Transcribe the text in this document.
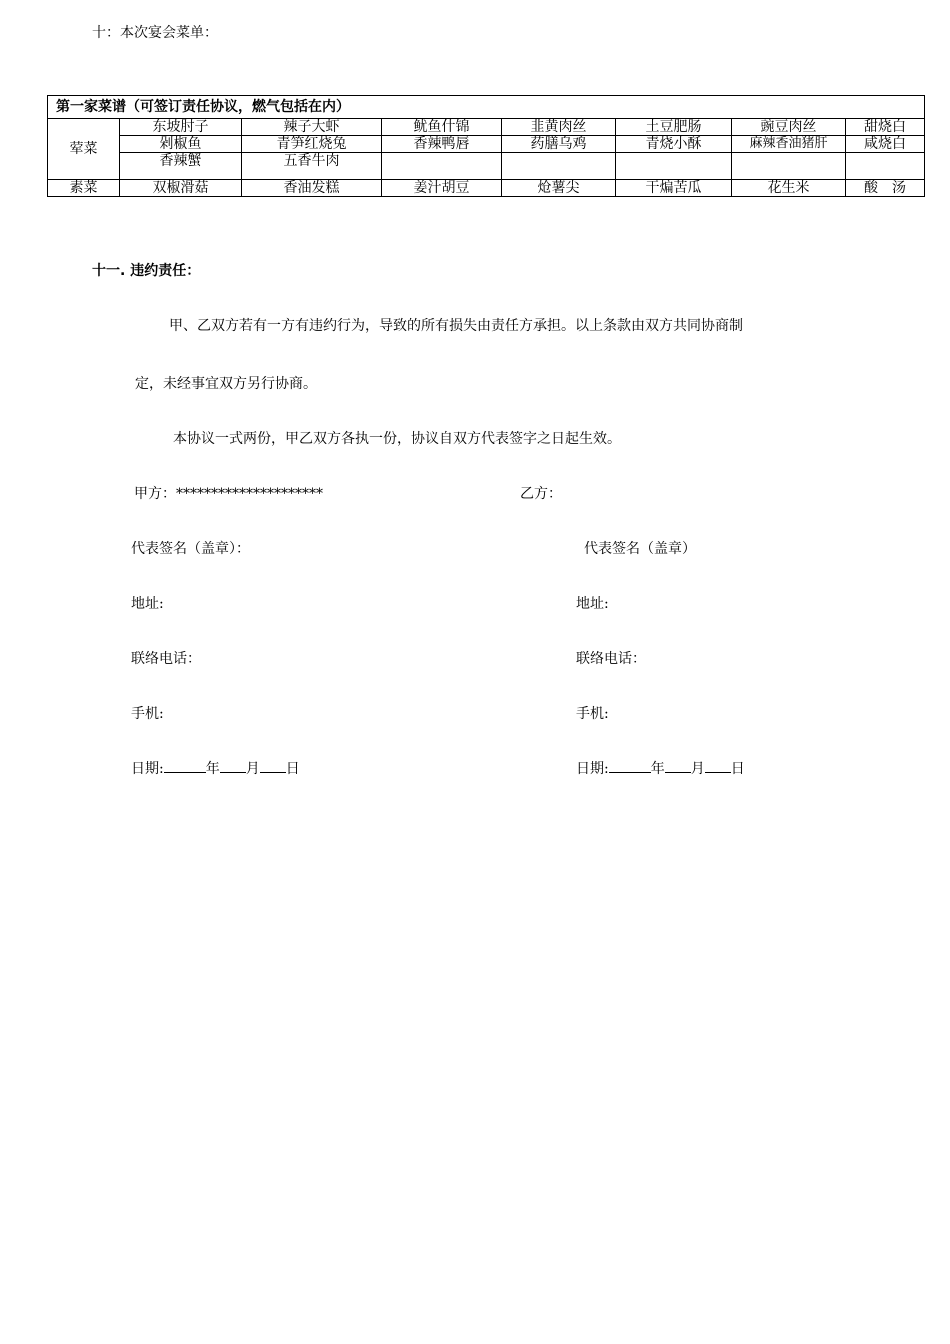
十：本次宴会菜单：
第一家菜谱（可签订责任协议，燃气包括在内）							
荤菜	东坡肘子	辣子大虾	鱿鱼什锦	韭黄肉丝	土豆肥肠	豌豆肉丝	甜烧白
	剁椒鱼	青笋红烧兔	香辣鸭唇	药膳乌鸡	青烧小酥	麻辣香油猪肝	咸烧白
	香辣蟹	五香牛肉					
素菜	双椒滑菇	香油发糕	姜汁胡豆	炝薯尖	干煸苦瓜	花生米	酸　汤
十一. 违约责任：
甲、乙双方若有一方有违约行为，导致的所有损失由责任方承担。以上条款由双方共同协商制
定，未经事宜双方另行协商。
本协议一式两份，甲乙双方各执一份，协议自双方代表签字之日起生效。
甲方：*********************
代表签名（盖章）：
地址:
联络电话：
手机:
日期:	年 月 日
乙方：
代表签名（盖章）
地址:
联络电话：
手机:
日期:	年 月 日
